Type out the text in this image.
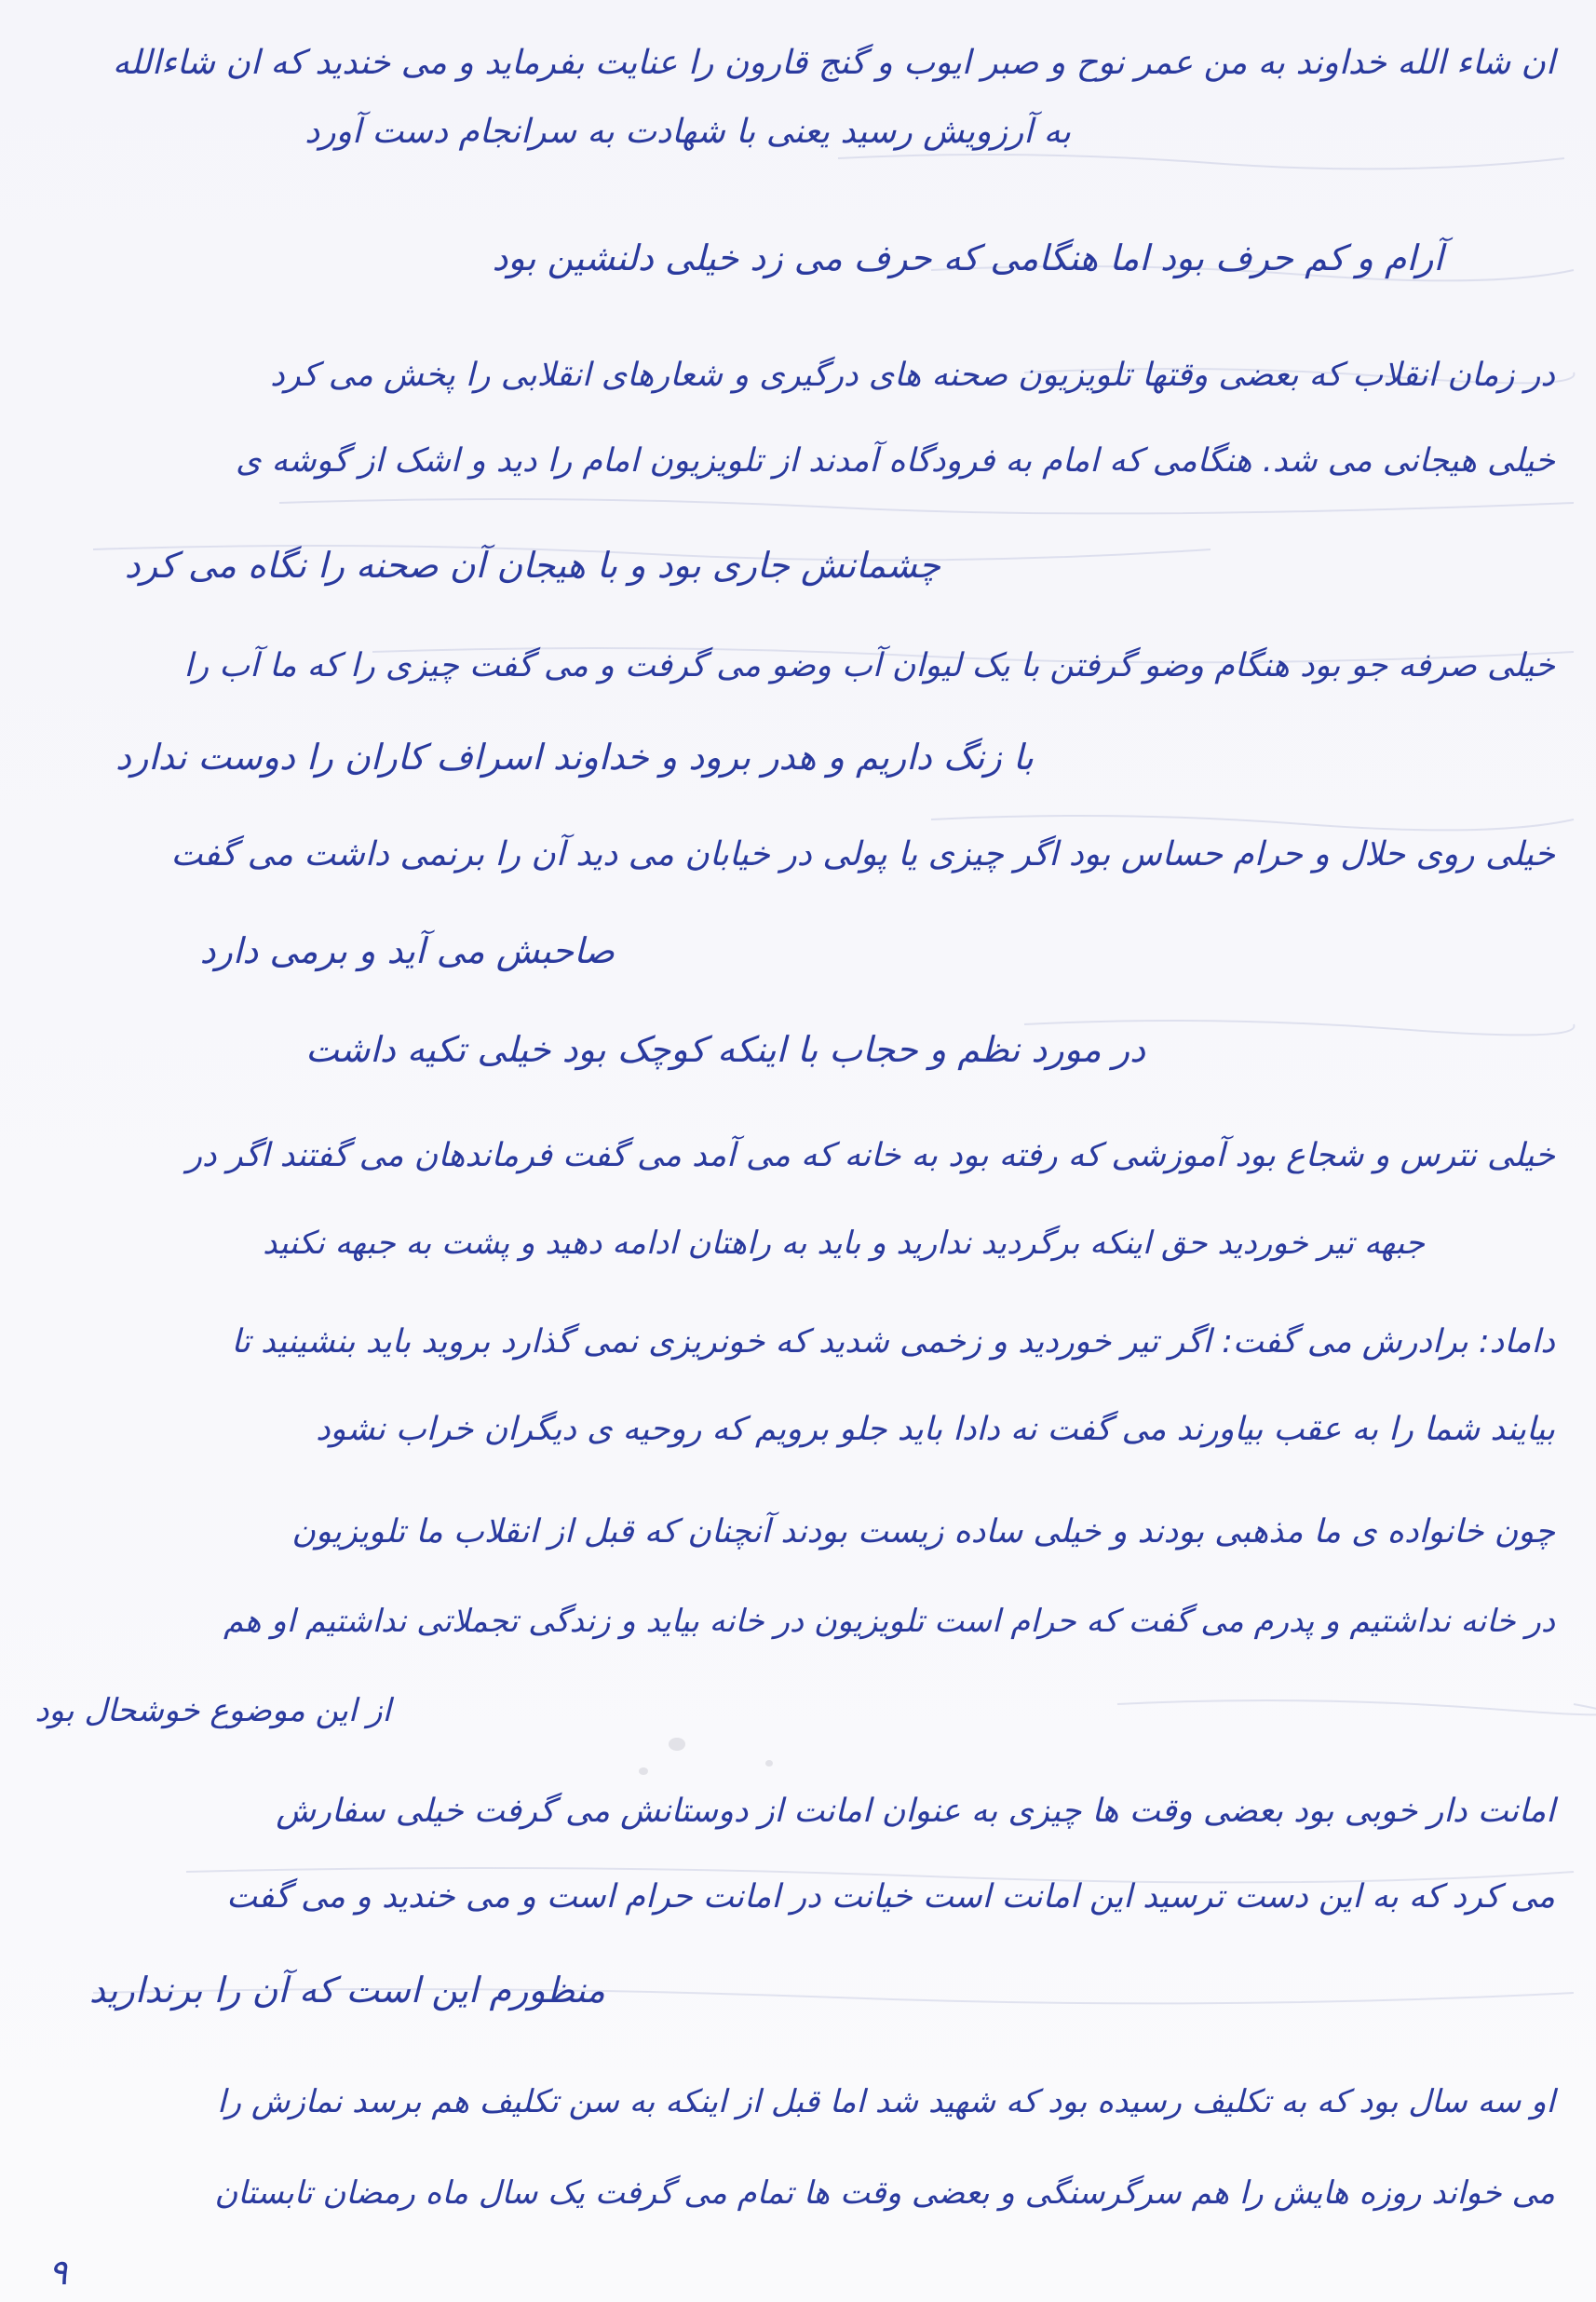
ان شاء الله خداوند به من عمر نوح و صبر ایوب و گنج قارون را عنایت بفرماید و می خندید که ان شاءالله
به آرزویش رسید یعنی با شهادت به سرانجام دست آورد
آرام و کم حرف بود اما هنگامی که حرف می زد خیلی دلنشین بود
در زمان انقلاب که بعضی وقتها تلویزیون صحنه های درگیری و شعارهای انقلابی را پخش می کرد
خیلی هیجانی می شد. هنگامی که امام به فرودگاه آمدند از تلویزیون امام را دید و اشک از گوشه ی
چشمانش جاری بود و با هیجان آن صحنه را نگاه می کرد
خیلی صرفه جو بود هنگام وضو گرفتن با یک لیوان آب وضو می گرفت و می گفت چیزی را که ما آب را
با زنگ داریم و هدر برود و خداوند اسراف کاران را دوست ندارد
خیلی روی حلال و حرام حساس بود اگر چیزی یا پولی در خیابان می دید آن را برنمی داشت می گفت
صاحبش می آید و برمی دارد
در مورد نظم و حجاب با اینکه کوچک بود خیلی تکیه داشت
خیلی نترس و شجاع بود آموزشی که رفته بود به خانه که می آمد می گفت فرماندهان می گفتند اگر در
جبهه تیر خوردید حق اینکه برگردید ندارید و باید به راهتان ادامه دهید و پشت به جبهه نکنید
داماد: برادرش می گفت: اگر تیر خوردید و زخمی شدید که خونریزی نمی گذارد بروید باید بنشینید تا
بیایند شما را به عقب بیاورند می گفت نه دادا باید جلو برویم که روحیه ی دیگران خراب نشود
چون خانواده ی ما مذهبی بودند و خیلی ساده زیست بودند آنچنان که قبل از انقلاب ما تلویزیون
در خانه نداشتیم و پدرم می گفت که حرام است تلویزیون در خانه بیاید و زندگی تجملاتی نداشتیم او هم
از این موضوع خوشحال بود
امانت دار خوبی بود بعضی وقت ها چیزی به عنوان امانت از دوستانش می گرفت خیلی سفارش
می کرد که به این دست ترسید این امانت است خیانت در امانت حرام است و می خندید و می گفت
منظورم این است که آن را برندارید
او سه سال بود که به تکلیف رسیده بود که شهید شد اما قبل از اینکه به سن تکلیف هم برسد نمازش را
می خواند روزه هایش را هم سرگرسنگی و بعضی وقت ها تمام می گرفت یک سال ماه رمضان تابستان
٩
